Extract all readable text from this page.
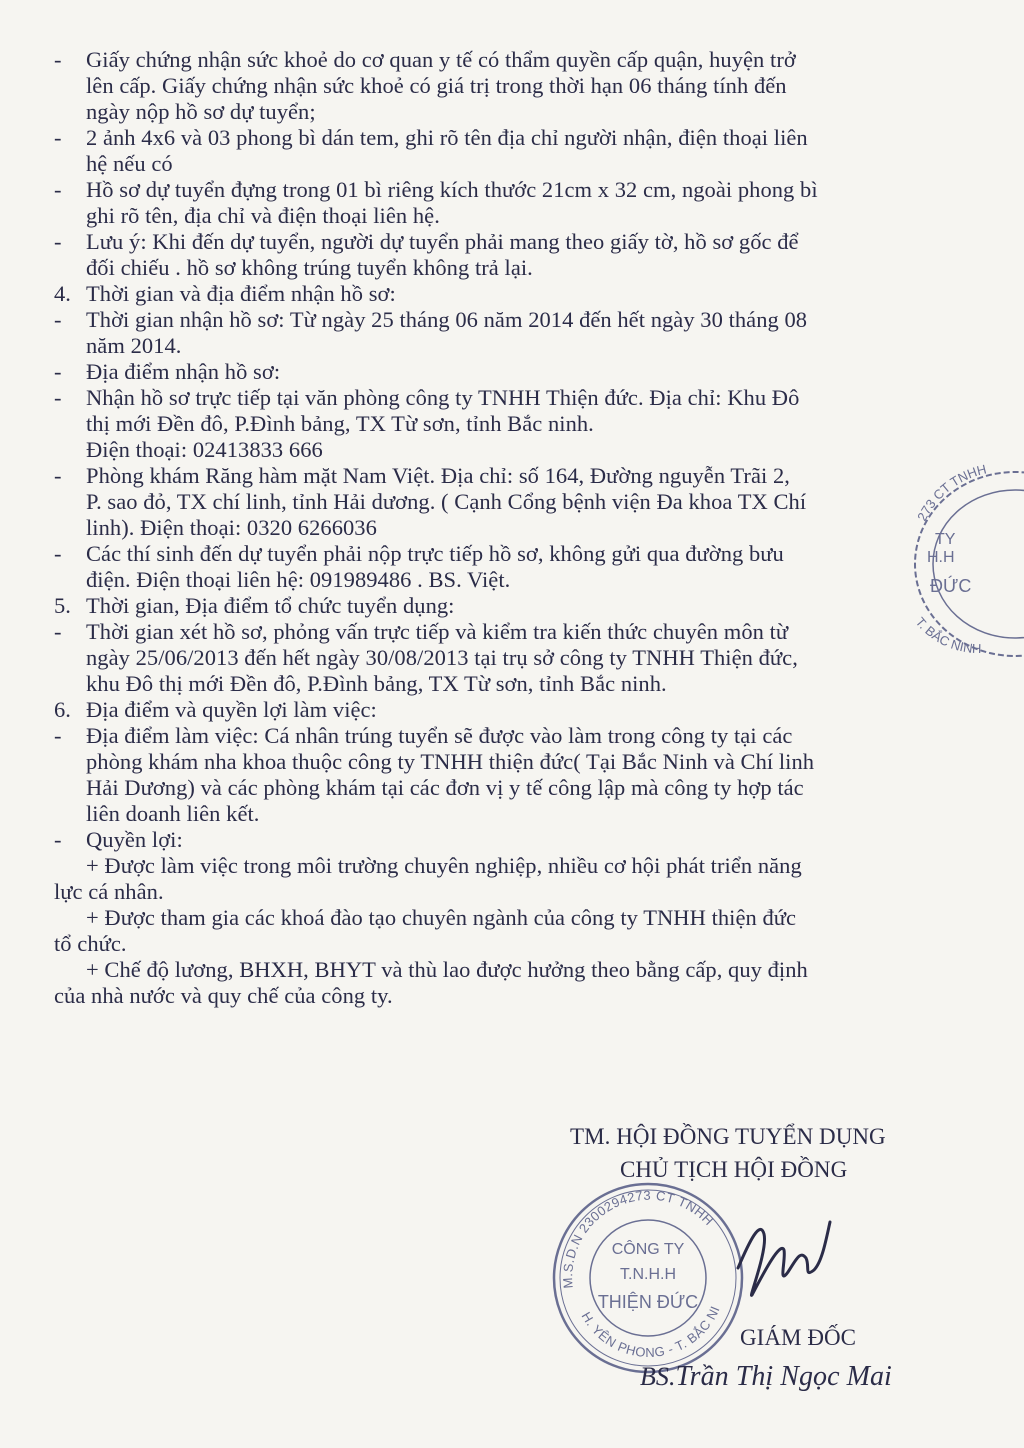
- Giấy chứng nhận sức khoẻ do cơ quan y tế có thẩm quyền cấp quận, huyện trở
lên cấp. Giấy chứng nhận sức khoẻ có giá trị trong thời hạn 06 tháng tính đến
ngày nộp hồ sơ dự tuyển;
- 2 ảnh 4x6 và 03 phong bì dán tem, ghi rõ tên địa chỉ người nhận, điện thoại liên
hệ nếu có
- Hồ sơ dự tuyển đựng trong 01 bì riêng kích thước 21cm x 32 cm, ngoài phong bì
ghi rõ tên, địa chỉ và điện thoại liên hệ.
- Lưu ý: Khi đến dự tuyển, người dự tuyển phải mang theo giấy tờ, hồ sơ gốc để
đối chiếu . hồ sơ không trúng tuyển không trả lại.
4. Thời gian và địa điểm nhận hồ sơ:
- Thời gian nhận hồ sơ: Từ ngày 25 tháng 06 năm 2014 đến hết ngày 30 tháng 08
năm 2014.
- Địa điểm nhận hồ sơ:
- Nhận hồ sơ trực tiếp tại văn phòng công ty TNHH Thiện đức. Địa chỉ: Khu Đô
thị mới Đền đô, P.Đình bảng, TX Từ sơn, tỉnh Bắc ninh.
Điện thoại: 02413833 666
- Phòng khám Răng hàm mặt Nam Việt. Địa chỉ: số 164, Đường nguyễn Trãi 2,
P. sao đỏ, TX chí linh, tỉnh Hải dương. ( Cạnh Cổng bệnh viện Đa khoa TX Chí
linh). Điện thoại: 0320 6266036
- Các thí sinh đến dự tuyển phải nộp trực tiếp hồ sơ, không gửi qua đường bưu
điện. Điện thoại liên hệ: 091989486 . BS. Việt.
5. Thời gian, Địa điểm tổ chức tuyển dụng:
- Thời gian xét hồ sơ, phỏng vấn trực tiếp và kiểm tra kiến thức chuyên môn từ
ngày 25/06/2013 đến hết ngày 30/08/2013 tại trụ sở công ty TNHH Thiện đức,
khu Đô thị mới Đền đô, P.Đình bảng, TX Từ sơn, tỉnh Bắc ninh.
6. Địa điểm và quyền lợi làm việc:
- Địa điểm làm việc: Cá nhân trúng tuyển sẽ được vào làm trong công ty tại các
phòng khám nha khoa thuộc công ty TNHH thiện đức( Tại Bắc Ninh và Chí linh
Hải Dương) và các phòng khám tại các đơn vị y tế công lập mà công ty hợp tác
liên doanh liên kết.
- Quyền lợi:
+ Được làm việc trong môi trường chuyên nghiệp, nhiều cơ hội phát triển năng
lực cá nhân.
+ Được tham gia các khoá đào tạo chuyên ngành của công ty TNHH thiện đức
tổ chức.
+ Chế độ lương, BHXH, BHYT và thù lao được hưởng theo bằng cấp, quy định
của nhà nước và quy chế của công ty.
273 CT TNHH
T. BẮC NINH
TY
H.H
ĐỨC
TM. HỘI ĐỒNG TUYỂN DỤNG
CHỦ TỊCH HỘI ĐỒNG
M.S.D.N 2300294273 CT TNHH
H. YÊN PHONG - T. BẮC NI
CÔNG TY
T.N.H.H
THIỆN ĐỨC
GIÁM ĐỐC
BS.Trần Thị Ngọc Mai
